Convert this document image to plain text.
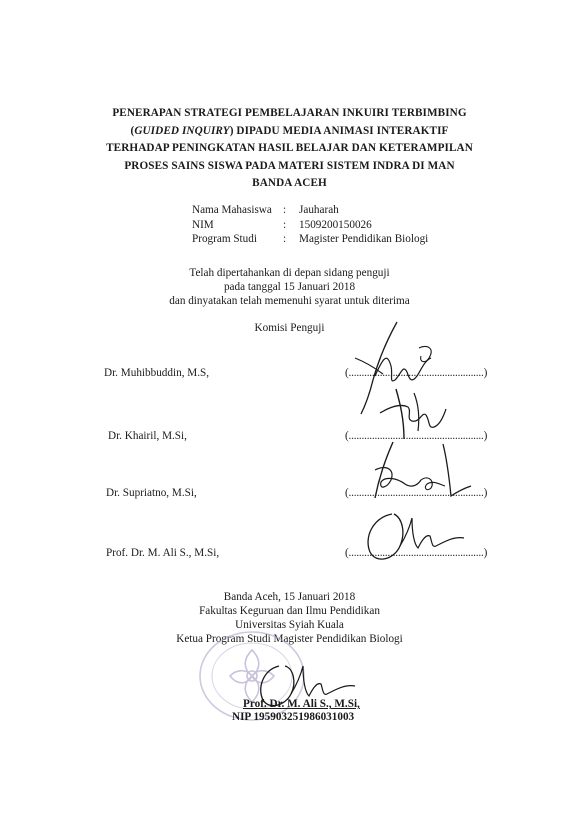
PENERAPAN STRATEGI PEMBELAJARAN INKUIRI TERBIMBING
(GUIDED INQUIRY) DIPADU MEDIA ANIMASI INTERAKTIF
TERHADAP PENINGKATAN HASIL BELAJAR DAN KETERAMPILAN
PROSES SAINS SISWA PADA MATERI SISTEM INDRA DI MAN
BANDA ACEH
Nama Mahasiswa :	Jauharah
NIM	:	1509200150026
Program Studi	:	Magister Pendidikan Biologi
Telah dipertahankan di depan sidang penguji
pada tanggal 15 Januari 2018
dan dinyatakan telah memenuhi syarat untuk diterima
Komisi Penguji
Dr. Muhibbuddin, M.S,	(....................................................)
Dr. Khairil, M.Si,	(....................................................)
Dr. Supriatno, M.Si,	(....................................................)
Prof. Dr. M. Ali S., M.Si,	(....................................................)
Banda Aceh, 15 Januari 2018
Fakultas Keguruan dan Ilmu Pendidikan
Universitas Syiah Kuala
Ketua Program Studi Magister Pendidikan Biologi
Prof. Dr. M. Ali S., M.Si,
NIP 195903251986031003
